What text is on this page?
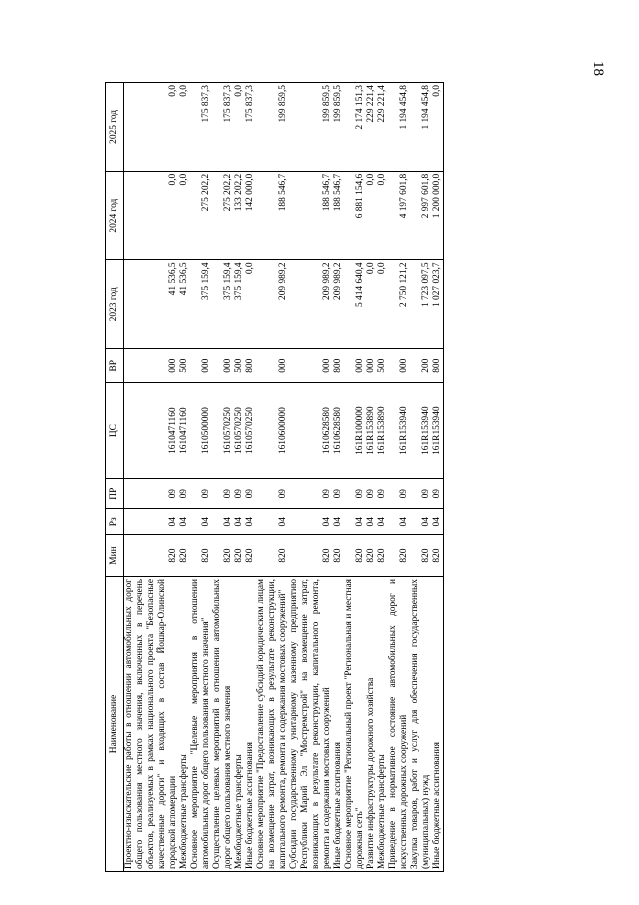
18
Наименование	Мин	Рз	ПР	ЦС	ВР	2023 год	2024 год	2025 год
Проектно-изыскательские работы в отношении автомобильных дорог общего пользования местного значения, включенных в перечень объектов, реализуемых в рамках национального проекта "Безопасные качественные дороги" и входящих в состав Йошкар-Олинской городской агломерации	820	04	09	1610471160	000	41 536,5	0,0	0,0
Межбюджетные трансферты	820	04	09	1610471160	500	41 536,5	0,0	0,0
Основное мероприятие "Целевые мероприятия в отношении автомобильных дорог общего пользования местного значения"	820	04	09	1610500000	000	375 159,4	275 202,2	175 837,3
Осуществление целевых мероприятий в отношении автомобильных дорог общего пользования местного значения	820	04	09	1610570250	000	375 159,4	275 202,2	175 837,3
Межбюджетные трансферты	820	04	09	1610570250	500	375 159,4	133 202,2	0,0
Иные бюджетные ассигнования	820	04	09	1610570250	800	0,0	142 000,0	175 837,3
Основное мероприятие "Предоставление субсидий юридическим лицам на возмещение затрат, возникающих в результате реконструкции, капитального ремонта, ремонта и содержания мостовых сооружений"	820	04	09	1610600000	000	209 989,2	188 546,7	199 859,5
Субсидии государственному унитарному казенному предприятию Республики Марий Эл "Мостремстрой" на возмещение затрат, возникающих в результате реконструкции, капитального ремонта, ремонта и содержания мостовых сооружений	820	04	09	1610628580	000	209 989,2	188 546,7	199 859,5
Иные бюджетные ассигнования	820	04	09	1610628580	800	209 989,2	188 546,7	199 859,5
Основное мероприятие "Региональный проект "Региональная и местная дорожная сеть"	820	04	09	161R100000	000	5 414 640,4	6 881 154,6	2 174 151,3
Развитие инфраструктуры дорожного хозяйства	820	04	09	161R153890	000	0,0	0,0	229 221,4
Межбюджетные трансферты	820	04	09	161R153890	500	0,0	0,0	229 221,4
Приведение в нормативное состояние автомобильных дорог и искусственных дорожных сооружений	820	04	09	161R153940	000	2 750 121,2	4 197 601,8	1 194 454,8
Закупка товаров, работ и услуг для обеспечения государственных (муниципальных) нужд	820	04	09	161R153940	200	1 723 097,5	2 997 601,8	1 194 454,8
Иные бюджетные ассигнования	820	04	09	161R153940	800	1 027 023,7	1 200 000,0	0,0
